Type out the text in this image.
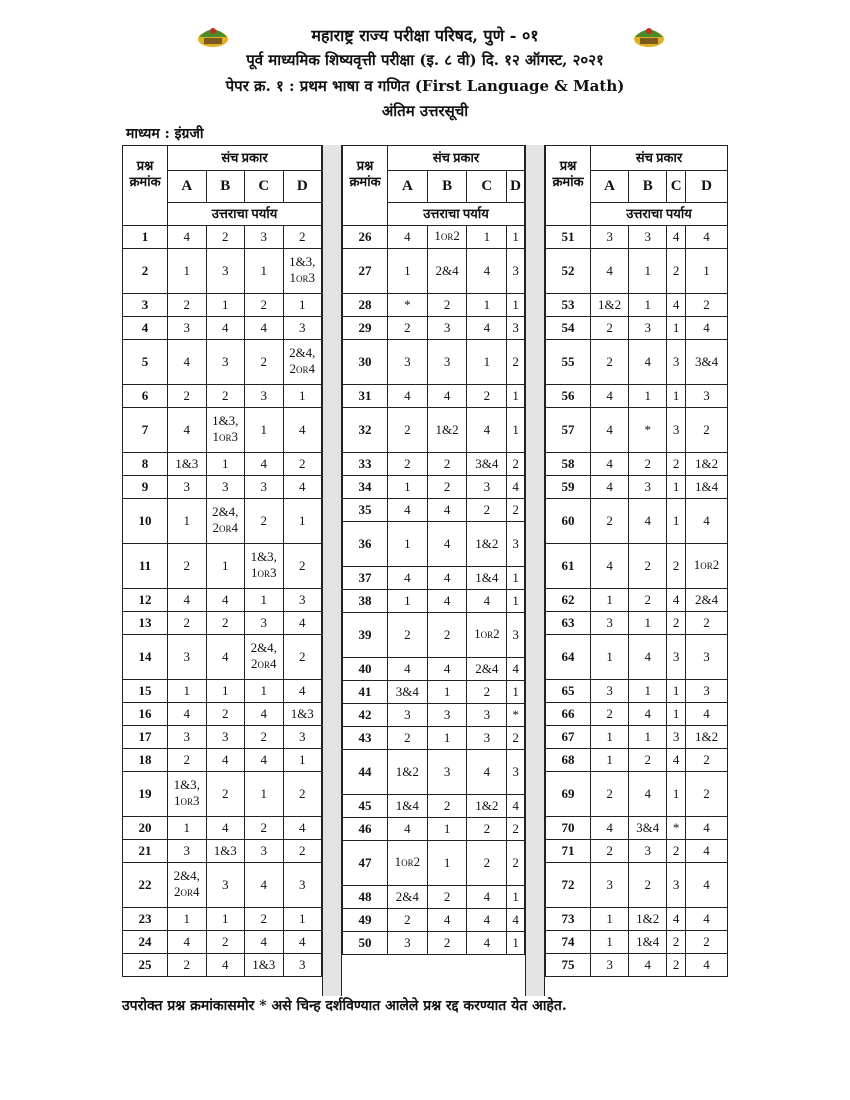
महाराष्ट्र राज्य परीक्षा परिषद, पुणे - ०१
पूर्व माध्यमिक शिष्यवृत्ती परीक्षा (इ. ८ वी) दि. १२ ऑगस्ट, २०२१
पेपर क्र. १ : प्रथम भाषा व गणित (First Language & Math)
अंतिम उत्तरसूची
माध्यम : इंग्रजी
प्रश्न क्रमांक	संच प्रकार			
	A	B	C	D
	उत्तराचा पर्याय			
1	4	2	3	2
2	1	3	1	1&3,
1OR3
3	2	1	2	1
4	3	4	4	3
5	4	3	2	2&4,
2OR4
6	2	2	3	1
7	4	1&3,
1OR3	1	4
8	1&3	1	4	2
9	3	3	3	4
10	1	2&4,
2OR4	2	1
11	2	1	1&3,
1OR3	2
12	4	4	1	3
13	2	2	3	4
14	3	4	2&4,
2OR4	2
15	1	1	1	4
16	4	2	4	1&3
17	3	3	2	3
18	2	4	4	1
19	1&3,
1OR3	2	1	2
20	1	4	2	4
21	3	1&3	3	2
22	2&4,
2OR4	3	4	3
23	1	1	2	1
24	4	2	4	4
25	2	4	1&3	3
प्रश्न क्रमांक	संच प्रकार			
	A	B	C	D
	उत्तराचा पर्याय			
26	4	1OR2	1	1
27	1	2&4	4	3
28	*	2	1	1
29	2	3	4	3
30	3	3	1	2
31	4	4	2	1
32	2	1&2	4	1
33	2	2	3&4	2
34	1	2	3	4
35	4	4	2	2
36	1	4	1&2	3
37	4	4	1&4	1
38	1	4	4	1
39	2	2	1OR2	3
40	4	4	2&4	4
41	3&4	1	2	1
42	3	3	3	*
43	2	1	3	2
44	1&2	3	4	3
45	1&4	2	1&2	4
46	4	1	2	2
47	1OR2	1	2	2
48	2&4	2	4	1
49	2	4	4	4
50	3	2	4	1
प्रश्न क्रमांक	संच प्रकार			
	A	B	C	D
	उत्तराचा पर्याय			
51	3	3	4	4
52	4	1	2	1
53	1&2	1	4	2
54	2	3	1	4
55	2	4	3	3&4
56	4	1	1	3
57	4	*	3	2
58	4	2	2	1&2
59	4	3	1	1&4
60	2	4	1	4
61	4	2	2	1OR2
62	1	2	4	2&4
63	3	1	2	2
64	1	4	3	3
65	3	1	1	3
66	2	4	1	4
67	1	1	3	1&2
68	1	2	4	2
69	2	4	1	2
70	4	3&4	*	4
71	2	3	2	4
72	3	2	3	4
73	1	1&2	4	4
74	1	1&4	2	2
75	3	4	2	4
उपरोक्त प्रश्न क्रमांकासमोर * असे चिन्ह दर्शविण्यात आलेले प्रश्न रद्द करण्यात येत आहेत.
